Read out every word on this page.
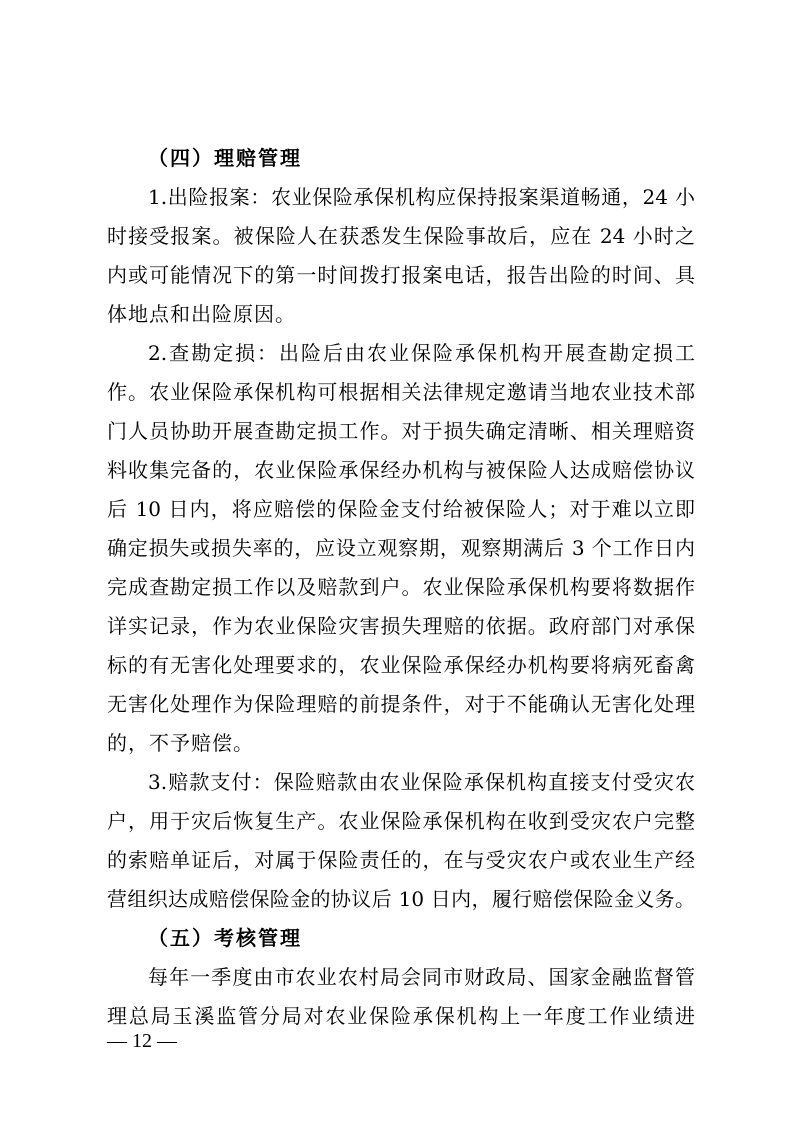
（四）理赔管理
1.出险报案：农业保险承保机构应保持报案渠道畅通，24 小
时接受报案。被保险人在获悉发生保险事故后，应在 24 小时之
内或可能情况下的第一时间拨打报案电话，报告出险的时间、具
体地点和出险原因。
2.查勘定损：出险后由农业保险承保机构开展查勘定损工
作。农业保险承保机构可根据相关法律规定邀请当地农业技术部
门人员协助开展查勘定损工作。对于损失确定清晰、相关理赔资
料收集完备的，农业保险承保经办机构与被保险人达成赔偿协议
后 10 日内，将应赔偿的保险金支付给被保险人；对于难以立即
确定损失或损失率的，应设立观察期，观察期满后 3 个工作日内
完成查勘定损工作以及赔款到户。农业保险承保机构要将数据作
详实记录，作为农业保险灾害损失理赔的依据。政府部门对承保
标的有无害化处理要求的，农业保险承保经办机构要将病死畜禽
无害化处理作为保险理赔的前提条件，对于不能确认无害化处理
的，不予赔偿。
3.赔款支付：保险赔款由农业保险承保机构直接支付受灾农
户，用于灾后恢复生产。农业保险承保机构在收到受灾农户完整
的索赔单证后，对属于保险责任的，在与受灾农户或农业生产经
营组织达成赔偿保险金的协议后 10 日内，履行赔偿保险金义务。
（五）考核管理
每年一季度由市农业农村局会同市财政局、国家金融监督管
理总局玉溪监管分局对农业保险承保机构上一年度工作业绩进
— 12 —
